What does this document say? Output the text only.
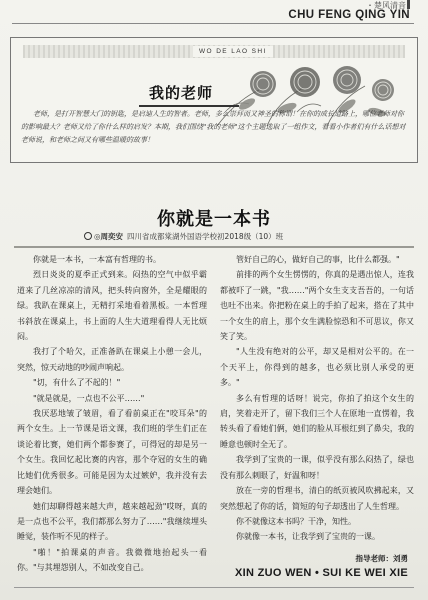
・楚风清音
CHU FENG QING YIN
WO DE LAO SHI
我的老师

老师，是打开智慧大门的钥匙，是启迪人生的智者。老师，多么崇拜而又神圣的称谓！在你的成长道路上，哪位老师对你的影响最大？老师又给了你什么样的启发？本期，我们围绕"我的老师"这个主题选取了一组作文，看看小作者们有什么话想对老师说，和老师之间又有哪些温暖的故事！

你就是一本书
◎周奕安 四川省成都棠湖外国语学校初2018级（10）班

你就是一本书，一本富有哲理的书。

烈日炎炎的夏季正式到来。闷热的空气中似乎霸道来了几丝凉凉的清风，把头转向窗外，全是耀眼的绿。我趴在课桌上，无精打采地看着黑板。一本哲理书斜放在课桌上，书上面的人生大道理看得人无比烦闷。

我打了个哈欠，正准备趴在课桌上小憩一会儿，突然，惊天动地的吵闹声响起。

"切，有什么了不起的！"

"就是就是，一点也不公平……"

我厌恶地皱了皱眉，看了看前桌正在"咬耳朵"的两个女生。上一节课是语文课，我们班的学生们正在谈论着比赛，她们两个都参赛了，可得冠的却是另一个女生。我回忆起比赛的内容，那个夺冠的女生的确比她们优秀很多。可能是因为太过嫉妒，我并没有去理会她们。

她们却聊得越来越大声，越来越起劲"哎呀，真的是一点也不公平，我们都那么努力了……"我继续埋头睡觉，装作听不见的样子。

"啪！"拍课桌的声音。我微微地抬起头一看你。"与其埋怨别人，不如改变自己。

管好自己的心，做好自己的事，比什么都强。"

前排的两个女生愣愣的，你真的是遇出惊人，连我都被吓了一跳，"我……"两个女生支支吾吾的，一句话也吐不出来。你把粉在桌上的手拍了起来，搭在了其中一个女生的肩上，那个女生满脸惊恐和不可思议，你又笑了笑。

"人生没有绝对的公平，却又是相对公平的。在一个天平上，你得到的越多，也必须比别人承受的更多。"

多么有哲理的话呀！说完，你拍了拍这个女生的肩，笑着走开了，留下我们三个人在原地一直愣着，我转头看了看她们俩，她们的脸从耳根红到了鼻尖，我的睡意也顿时全无了。

我学到了宝贵的一课，似乎没有那么闷热了，绿也没有那么刺眼了，好温和呀！

放在一旁的哲理书，清白的纸页被风吹拂起来，又突然想起了你的话，简短的句子却透出了人生哲理。

你不就像这本书吗？干净，知性。

你就像一本书，让我学到了宝贵的一课。

指导老师：刘勇
XIN ZUO WEN • SUI KE WEI XIE
